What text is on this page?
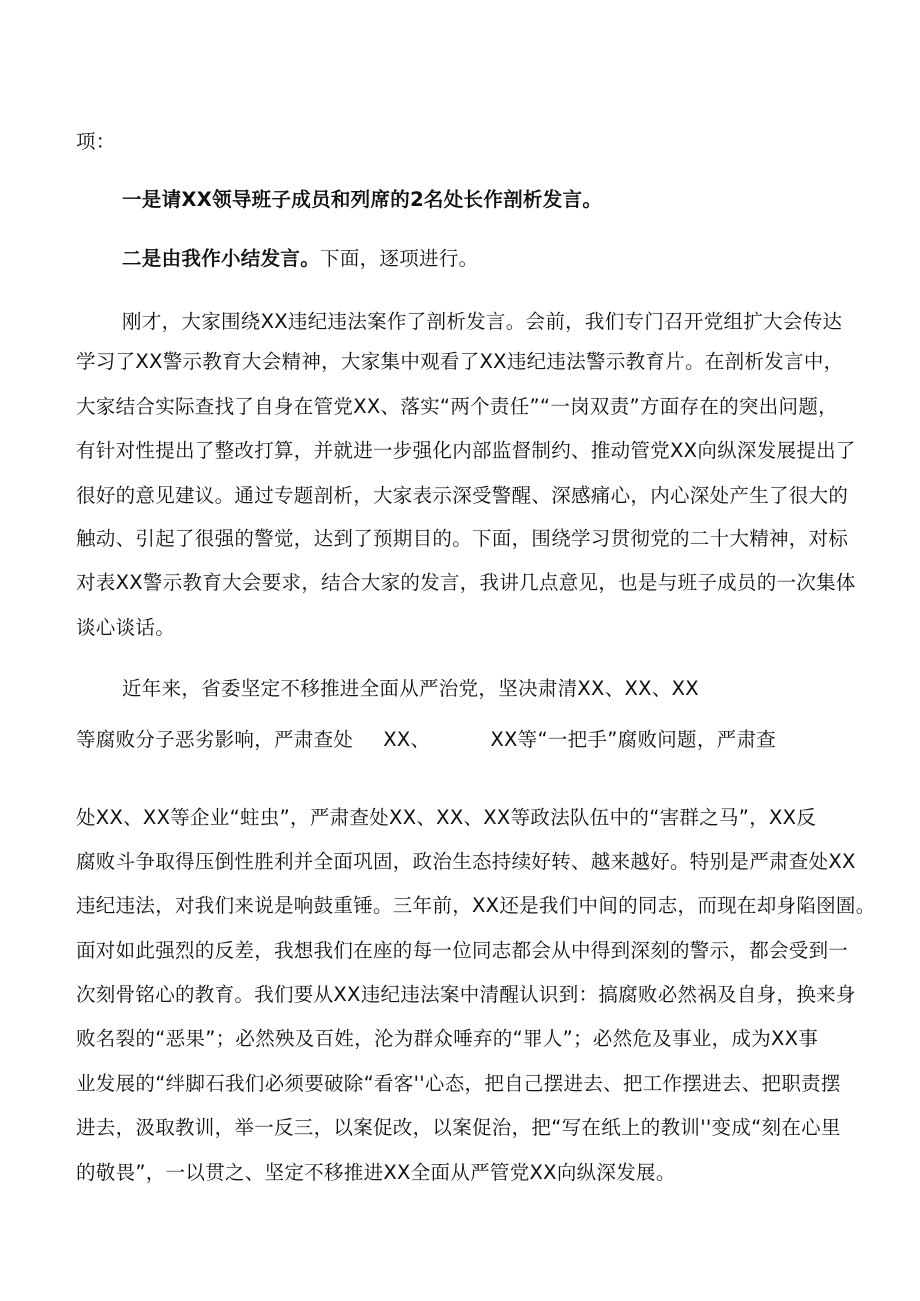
项：
一是请XX领导班子成员和列席的2名处长作剖析发言。
二是由我作小结发言。下面，逐项进行。
刚才，大家围绕XX违纪违法案作了剖析发言。会前，我们专门召开党组扩大会传达
学习了XX警示教育大会精神，大家集中观看了XX违纪违法警示教育片。在剖析发言中，
大家结合实际查找了自身在管党XX、落实“两个责任”“一岗双责”方面存在的突出问题，
有针对性提出了整改打算，并就进一步强化内部监督制约、推动管党XX向纵深发展提出了
很好的意见建议。通过专题剖析，大家表示深受警醒、深感痛心，内心深处产生了很大的
触动、引起了很强的警觉，达到了预期目的。下面，围绕学习贯彻党的二十大精神，对标
对表XX警示教育大会要求，结合大家的发言，我讲几点意见，也是与班子成员的一次集体
谈心谈话。
近年来，省委坚定不移推进全面从严治党，坚决肃清XX、XX、XX
等腐败分子恶劣影响，严肃查处 XX、	XX等“一把手”腐败问题，严肃查
处XX、XX等企业“蛀虫”，严肃查处XX、XX、XX等政法队伍中的“害群之马”，XX反
腐败斗争取得压倒性胜利并全面巩固，政治生态持续好转、越来越好。特别是严肃查处XX
违纪违法，对我们来说是响鼓重锤。三年前，XX还是我们中间的同志，而现在却身陷囹圄。
面对如此强烈的反差，我想我们在座的每一位同志都会从中得到深刻的警示，都会受到一
次刻骨铭心的教育。我们要从XX违纪违法案中清醒认识到：搞腐败必然祸及自身，换来身
败名裂的“恶果”；必然殃及百姓，沦为群众唾弃的“罪人”；必然危及事业，成为XX事
业发展的“绊脚石我们必须要破除“看客''心态，把自己摆进去、把工作摆进去、把职责摆
进去，汲取教训，举一反三，以案促改，以案促治，把“写在纸上的教训''变成“刻在心里
的敬畏”，一以贯之、坚定不移推进XX全面从严管党XX向纵深发展。
